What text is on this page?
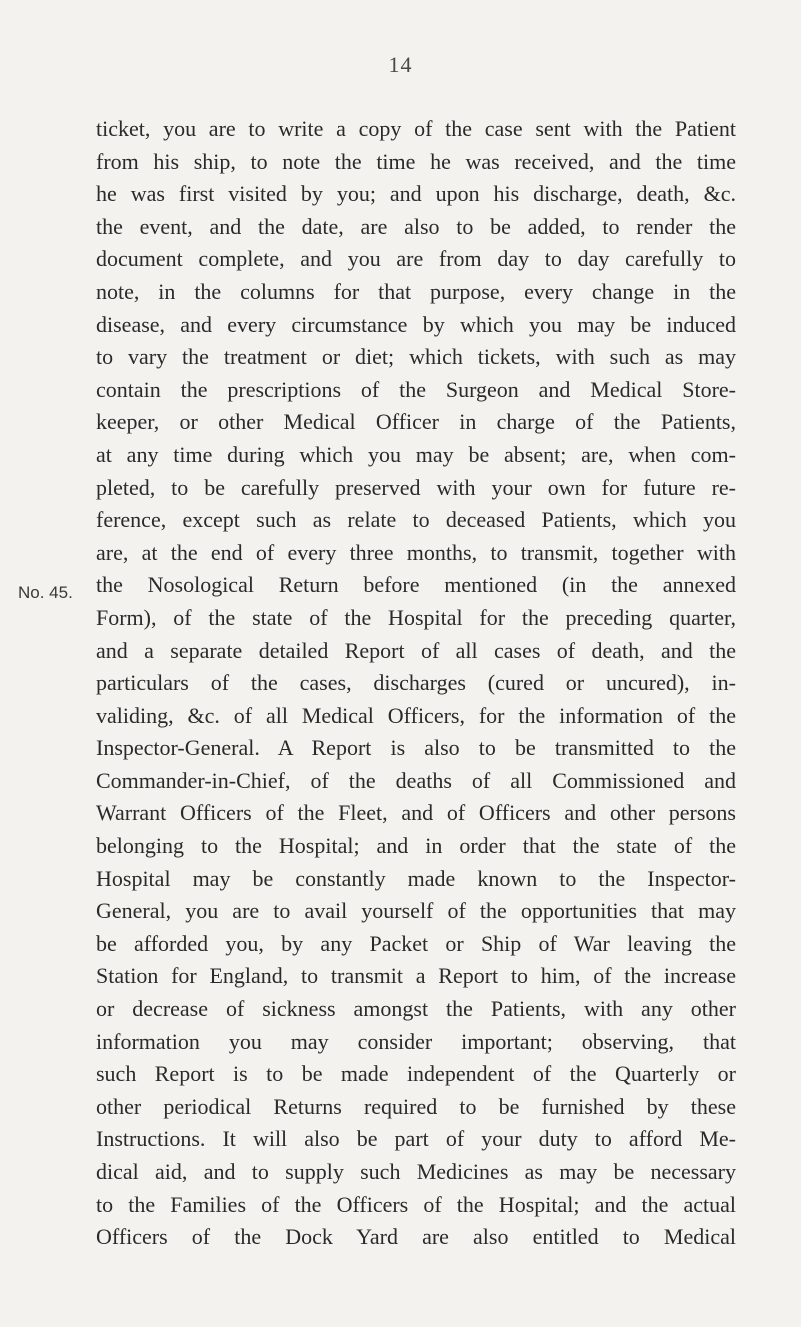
14
No. 45.
ticket, you are to write a copy of the case sent with the Patient
from his ship, to note the time he was received, and the time
he was first visited by you; and upon his discharge, death, &c.
the event, and the date, are also to be added, to render the
document complete, and you are from day to day carefully to
note, in the columns for that purpose, every change in the
disease, and every circumstance by which you may be induced
to vary the treatment or diet; which tickets, with such as may
contain the prescriptions of the Surgeon and Medical Store-
keeper, or other Medical Officer in charge of the Patients,
at any time during which you may be absent; are, when com-
pleted, to be carefully preserved with your own for future re-
ference, except such as relate to deceased Patients, which you
are, at the end of every three months, to transmit, together with
the Nosological Return before mentioned (in the annexed
Form), of the state of the Hospital for the preceding quarter,
and a separate detailed Report of all cases of death, and the
particulars of the cases, discharges (cured or uncured), in-
validing, &c. of all Medical Officers, for the information of the
Inspector-General. A Report is also to be transmitted to the
Commander-in-Chief, of the deaths of all Commissioned and
Warrant Officers of the Fleet, and of Officers and other persons
belonging to the Hospital; and in order that the state of the
Hospital may be constantly made known to the Inspector-
General, you are to avail yourself of the opportunities that may
be afforded you, by any Packet or Ship of War leaving the
Station for England, to transmit a Report to him, of the increase
or decrease of sickness amongst the Patients, with any other
information you may consider important; observing, that
such Report is to be made independent of the Quarterly or
other periodical Returns required to be furnished by these
Instructions. It will also be part of your duty to afford Me-
dical aid, and to supply such Medicines as may be necessary
to the Families of the Officers of the Hospital; and the actual
Officers of the Dock Yard are also entitled to Medical
